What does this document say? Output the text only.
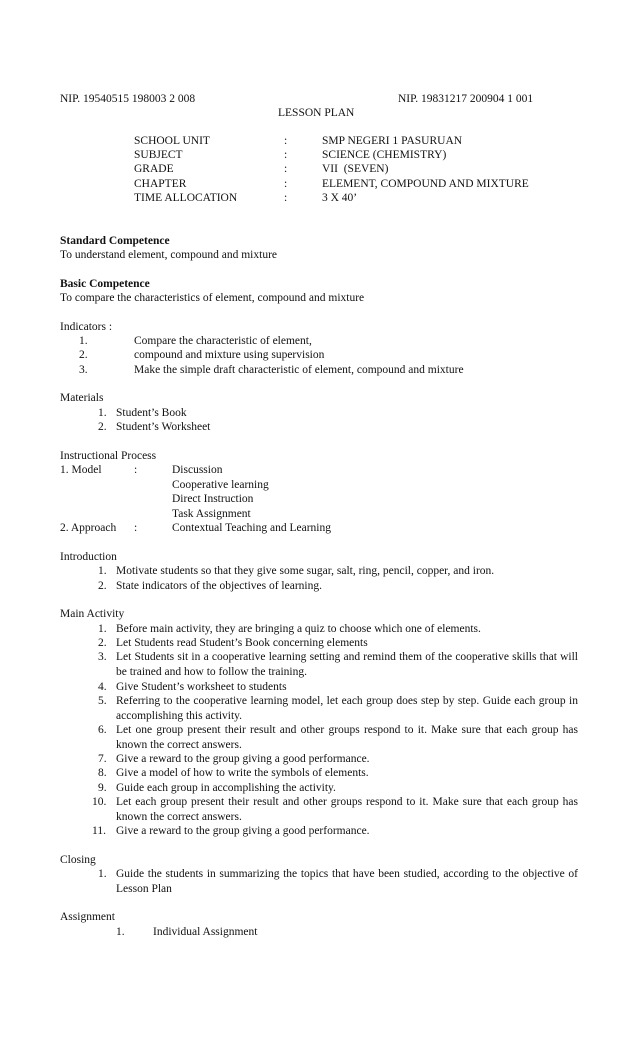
NIP. 19540515 198003 2 008	NIP. 19831217 200904 1 001
LESSON PLAN
SCHOOL UNIT	:	SMP NEGERI 1 PASURUAN
SUBJECT	:	SCIENCE (CHEMISTRY)
GRADE	:	VII  (SEVEN)
CHAPTER	:	ELEMENT, COMPOUND AND MIXTURE
TIME ALLOCATION	:	3 X 40’
Standard Competence
To understand element, compound and mixture
Basic Competence
To compare the characteristics of element, compound and mixture
Indicators :
1.	Compare the characteristic of element,
2.	compound and mixture using supervision
3.	Make the simple draft characteristic of element, compound and mixture
Materials
1. Student’s Book
2. Student’s Worksheet
Instructional Process
1. Model	:	Discussion
Cooperative learning
Direct Instruction
Task Assignment
2. Approach :	Contextual Teaching and Learning
Introduction
1. Motivate students so that they give some sugar, salt, ring, pencil, copper, and iron.
2. State indicators of the objectives of learning.
Main Activity
1. Before main activity, they are bringing a quiz to choose which one of elements.
2. Let Students read Student’s Book concerning elements
3. Let Students sit in a cooperative learning setting and remind them of the cooperative skills that will be trained and how to follow the training.
4. Give Student’s worksheet to students
5. Referring to the cooperative learning model, let each group does step by step. Guide each group in accomplishing this activity.
6. Let one group present their result and other groups respond to it. Make sure that each group has known the correct answers.
7. Give a reward to the group giving a good performance.
8. Give a model of how to write the symbols of elements.
9. Guide each group in accomplishing the activity.
10. Let each group present their result and other groups respond to it. Make sure that each group has known the correct answers.
11. Give a reward to the group giving a good performance.
Closing
1. Guide the students in summarizing the topics that have been studied, according to the objective of Lesson Plan
Assignment
1. Individual Assignment
